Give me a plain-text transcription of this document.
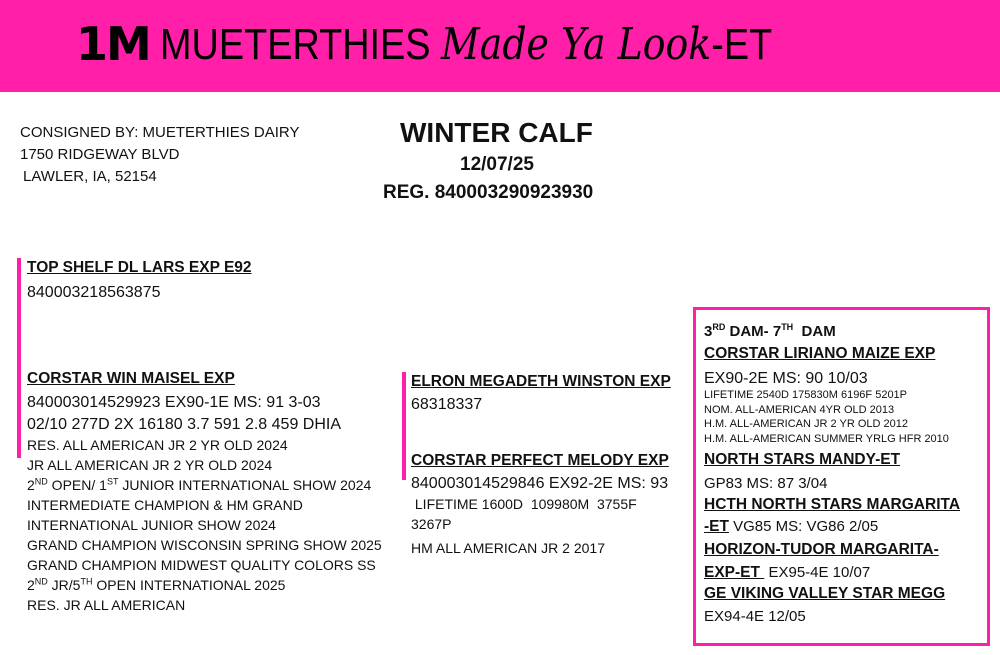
1M MUETERTHIES Made Ya Look-ET
CONSIGNED BY: MUETERTHIES DAIRY
1750 RIDGEWAY BLVD
LAWLER, IA, 52154
WINTER CALF
12/07/25
REG. 840003290923930
TOP SHELF DL LARS EXP E92
840003218563875
CORSTAR WIN MAISEL EXP
840003014529923 EX90-1E MS: 91 3-03
02/10 277D 2X 16180 3.7 591 2.8 459 DHIA
RES. ALL AMERICAN JR 2 YR OLD 2024
JR ALL AMERICAN JR 2 YR OLD 2024
2ND OPEN/ 1ST JUNIOR INTERNATIONAL SHOW 2024
INTERMEDIATE CHAMPION & HM GRAND
INTERNATIONAL JUNIOR SHOW 2024
GRAND CHAMPION WISCONSIN SPRING SHOW 2025
GRAND CHAMPION MIDWEST QUALITY COLORS SS
2ND JR/5TH OPEN INTERNATIONAL 2025
RES. JR ALL AMERICAN
ELRON MEGADETH WINSTON EXP
68318337
CORSTAR PERFECT MELODY EXP
840003014529846 EX92-2E MS: 93
LIFETIME 1600D  109980M  3755F
3267P
HM ALL AMERICAN JR 2 2017
3RD DAM- 7TH  DAM
CORSTAR LIRIANO MAIZE EXP
EX90-2E MS: 90 10/03
LIFETIME 2540D 175830M 6196F 5201P
NOM. ALL-AMERICAN 4YR OLD 2013
H.M. ALL-AMERICAN JR 2 YR OLD 2012
H.M. ALL-AMERICAN SUMMER YRLG HFR 2010
NORTH STARS MANDY-ET
GP83 MS: 87 3/04
HCTH NORTH STARS MARGARITA
-ET VG85 MS: VG86 2/05
HORIZON-TUDOR MARGARITA-
EXP-ET  EX95-4E 10/07
GE VIKING VALLEY STAR MEGG
EX94-4E 12/05
